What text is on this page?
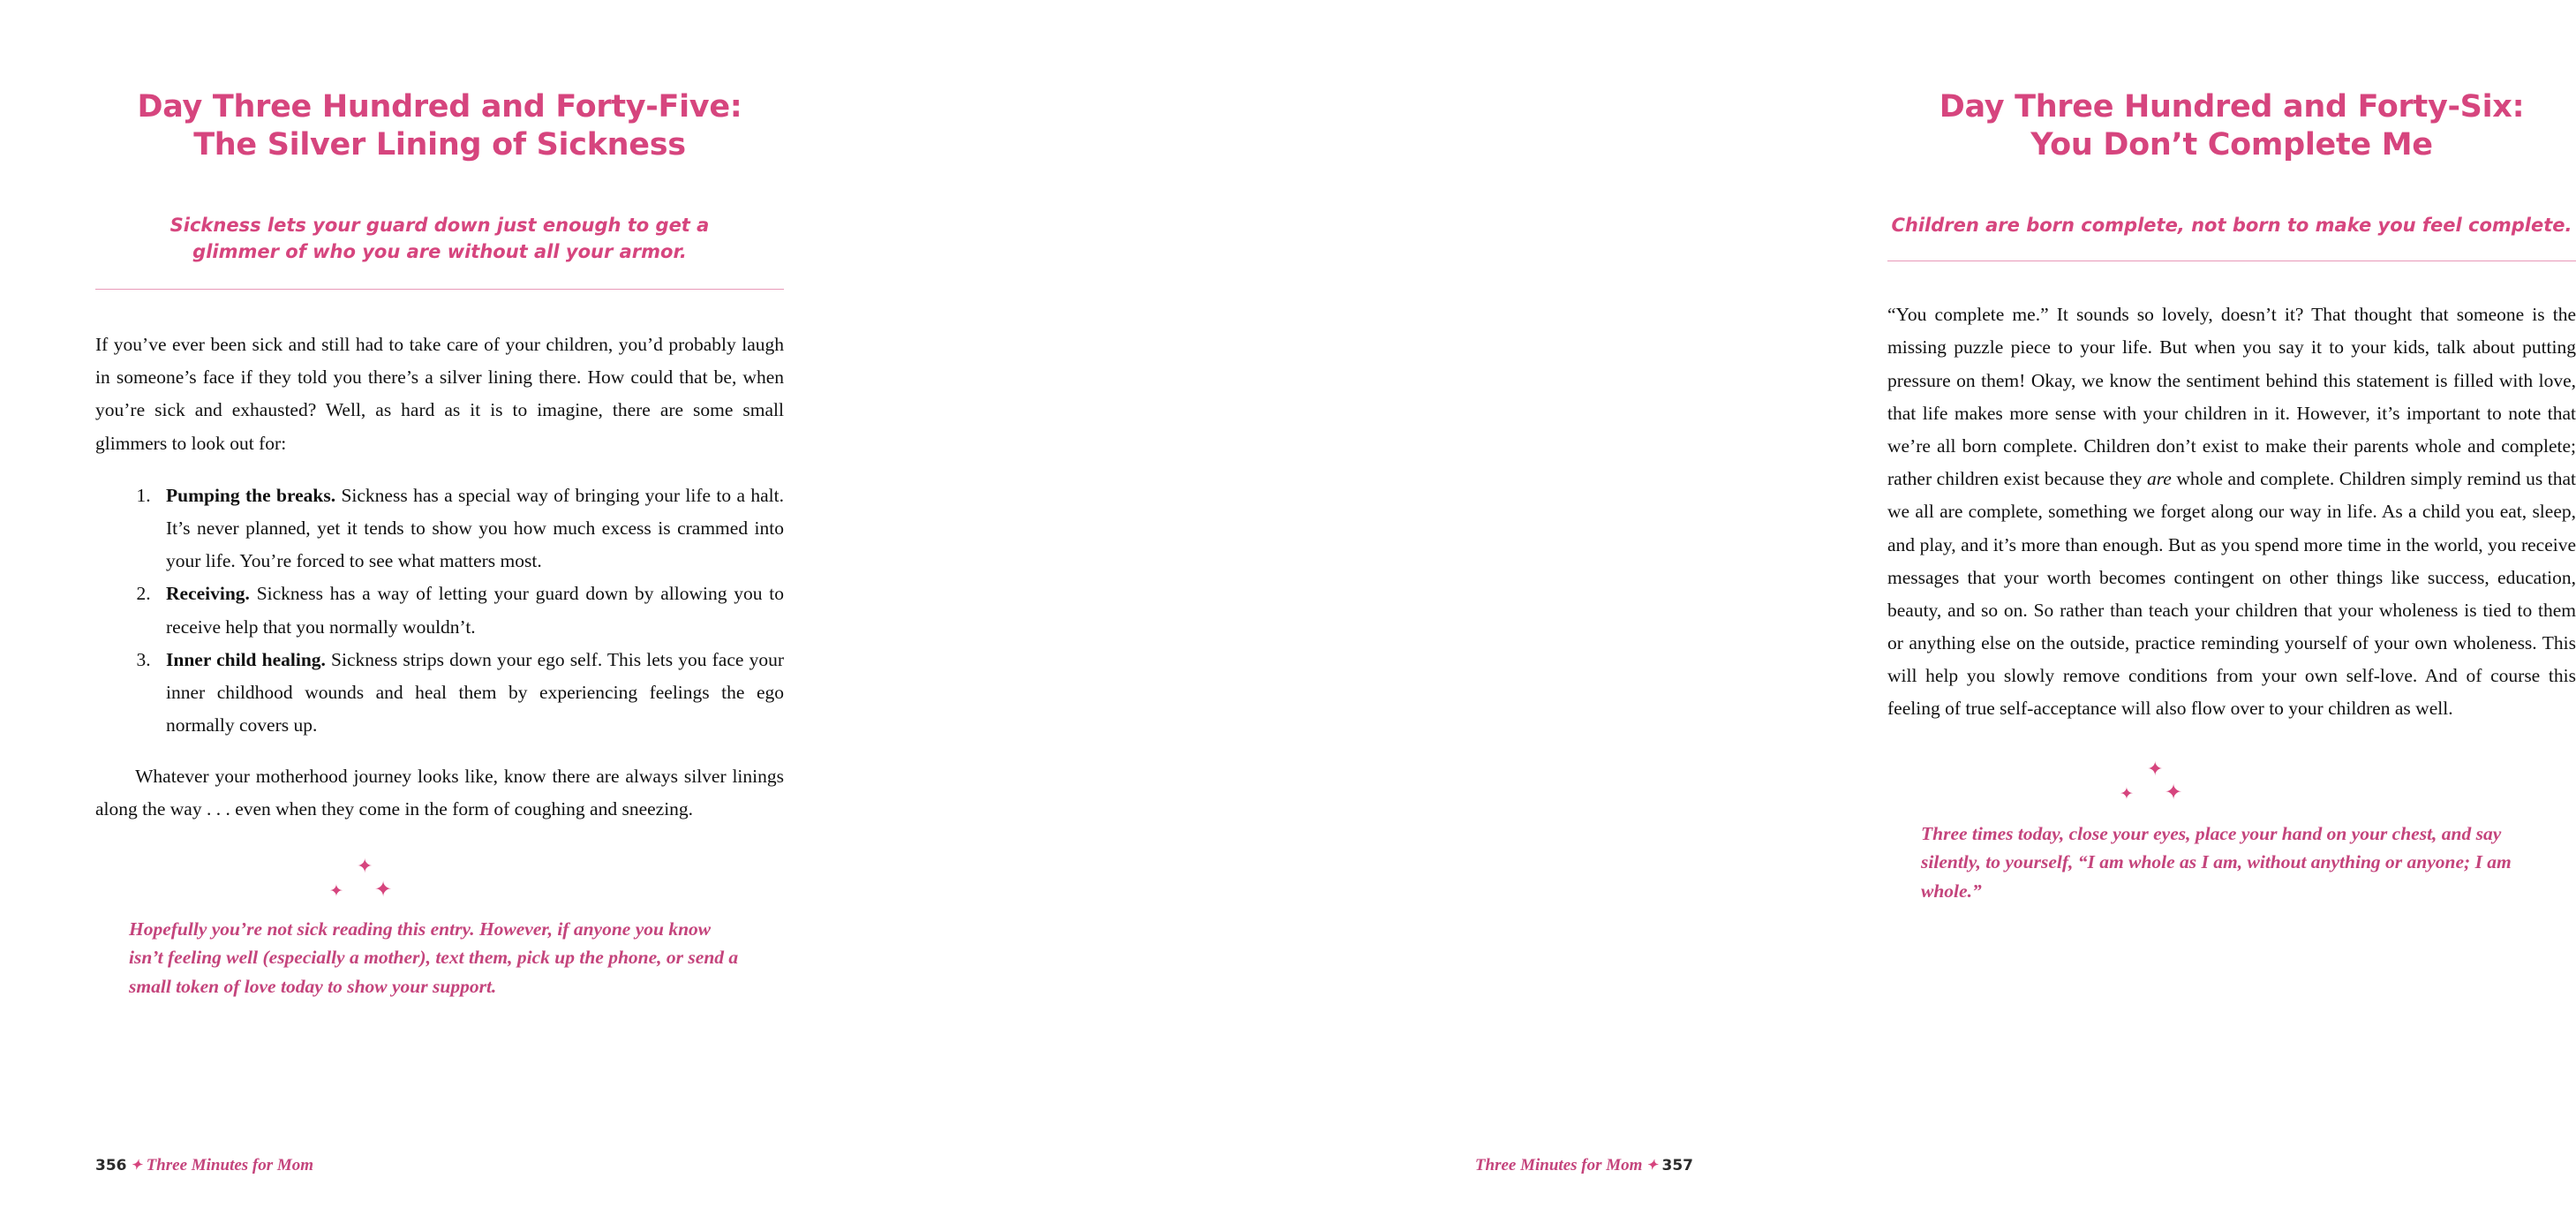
Day Three Hundred and Forty-Five:
The Silver Lining of Sickness
Sickness lets your guard down just enough to get a
glimmer of who you are without all your armor.

If you’ve ever been sick and still had to take care of your children, you’d probably laugh in someone’s face if they told you there’s a silver lining there. How could that be, when you’re sick and exhausted? Well, as hard as it is to imagine, there are some small glimmers to look out for:

1. Pumping the breaks. Sickness has a special way of bringing your life to a halt. It’s never planned, yet it tends to show you how much excess is crammed into your life. You’re forced to see what matters most.
2. Receiving. Sickness has a way of letting your guard down by allowing you to receive help that you normally wouldn’t.
3. Inner child healing. Sickness strips down your ego self. This lets you face your inner childhood wounds and heal them by experiencing feelings the ego normally covers up.

Whatever your motherhood journey looks like, know there are always silver linings along the way . . . even when they come in the form of coughing and sneezing.

✦
✦ ✦

Hopefully you’re not sick reading this entry. However, if anyone you know isn’t feeling well (especially a mother), text them, pick up the phone, or send a small token of love today to show your support.

356 ✦ Three Minutes for Mom
Day Three Hundred and Forty-Six:
You Don’t Complete Me
Children are born complete, not born to make you feel complete.

“You complete me.” It sounds so lovely, doesn’t it? That thought that someone is the missing puzzle piece to your life. But when you say it to your kids, talk about putting pressure on them! Okay, we know the sentiment behind this statement is filled with love, that life makes more sense with your children in it. However, it’s important to note that we’re all born complete. Children don’t exist to make their parents whole and complete; rather children exist because they are whole and complete. Children simply remind us that we all are complete, something we forget along our way in life. As a child you eat, sleep, and play, and it’s more than enough. But as you spend more time in the world, you receive messages that your worth becomes contingent on other things like success, education, beauty, and so on. So rather than teach your children that your wholeness is tied to them or anything else on the outside, practice reminding yourself of your own wholeness. This will help you slowly remove conditions from your own self-love. And of course this feeling of true self-acceptance will also flow over to your children as well.

✦
✦ ✦

Three times today, close your eyes, place your hand on your chest, and say silently, to yourself, “I am whole as I am, without anything or anyone; I am whole.”

Three Minutes for Mom ✦ 357
